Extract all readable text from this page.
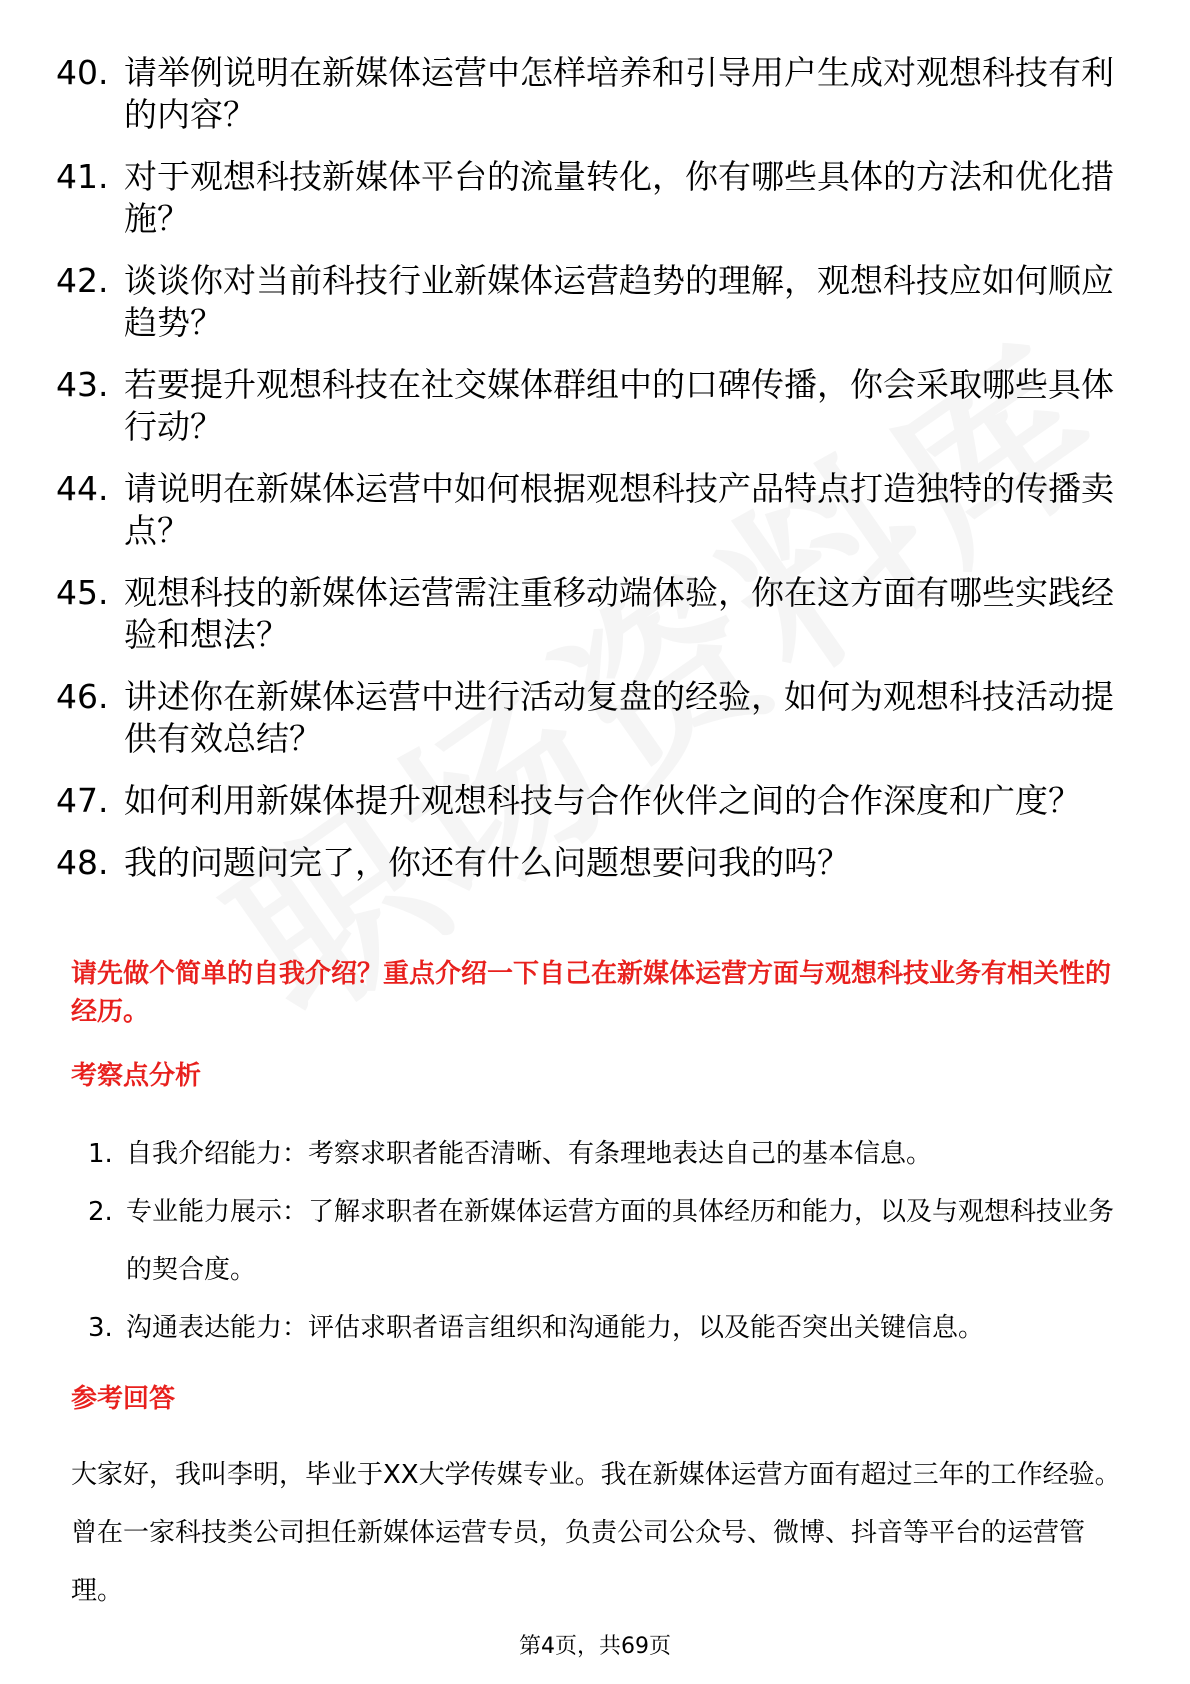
40. 请举例说明在新媒体运营中怎样培养和引导用户生成对观想科技有利的内容？
41. 对于观想科技新媒体平台的流量转化，你有哪些具体的方法和优化措施？
42. 谈谈你对当前科技行业新媒体运营趋势的理解，观想科技应如何顺应趋势？
43. 若要提升观想科技在社交媒体群组中的口碑传播，你会采取哪些具体行动？
44. 请说明在新媒体运营中如何根据观想科技产品特点打造独特的传播卖点？
45. 观想科技的新媒体运营需注重移动端体验，你在这方面有哪些实践经验和想法？
46. 讲述你在新媒体运营中进行活动复盘的经验，如何为观想科技活动提供有效总结？
47. 如何利用新媒体提升观想科技与合作伙伴之间的合作深度和广度？
48. 我的问题问完了，你还有什么问题想要问我的吗？
请先做个简单的自我介绍？重点介绍一下自己在新媒体运营方面与观想科技业务有相关性的经历。
考察点分析
1. 自我介绍能力：考察求职者能否清晰、有条理地表达自己的基本信息。
2. 专业能力展示：了解求职者在新媒体运营方面的具体经历和能力，以及与观想科技业务的契合度。
3. 沟通表达能力：评估求职者语言组织和沟通能力，以及能否突出关键信息。
参考回答

大家好，我叫李明，毕业于XX大学传媒专业。我在新媒体运营方面有超过三年的工作经验。曾在一家科技类公司担任新媒体运营专员，负责公司公众号、微博、抖音等平台的运营管理。

第4页，共69页
